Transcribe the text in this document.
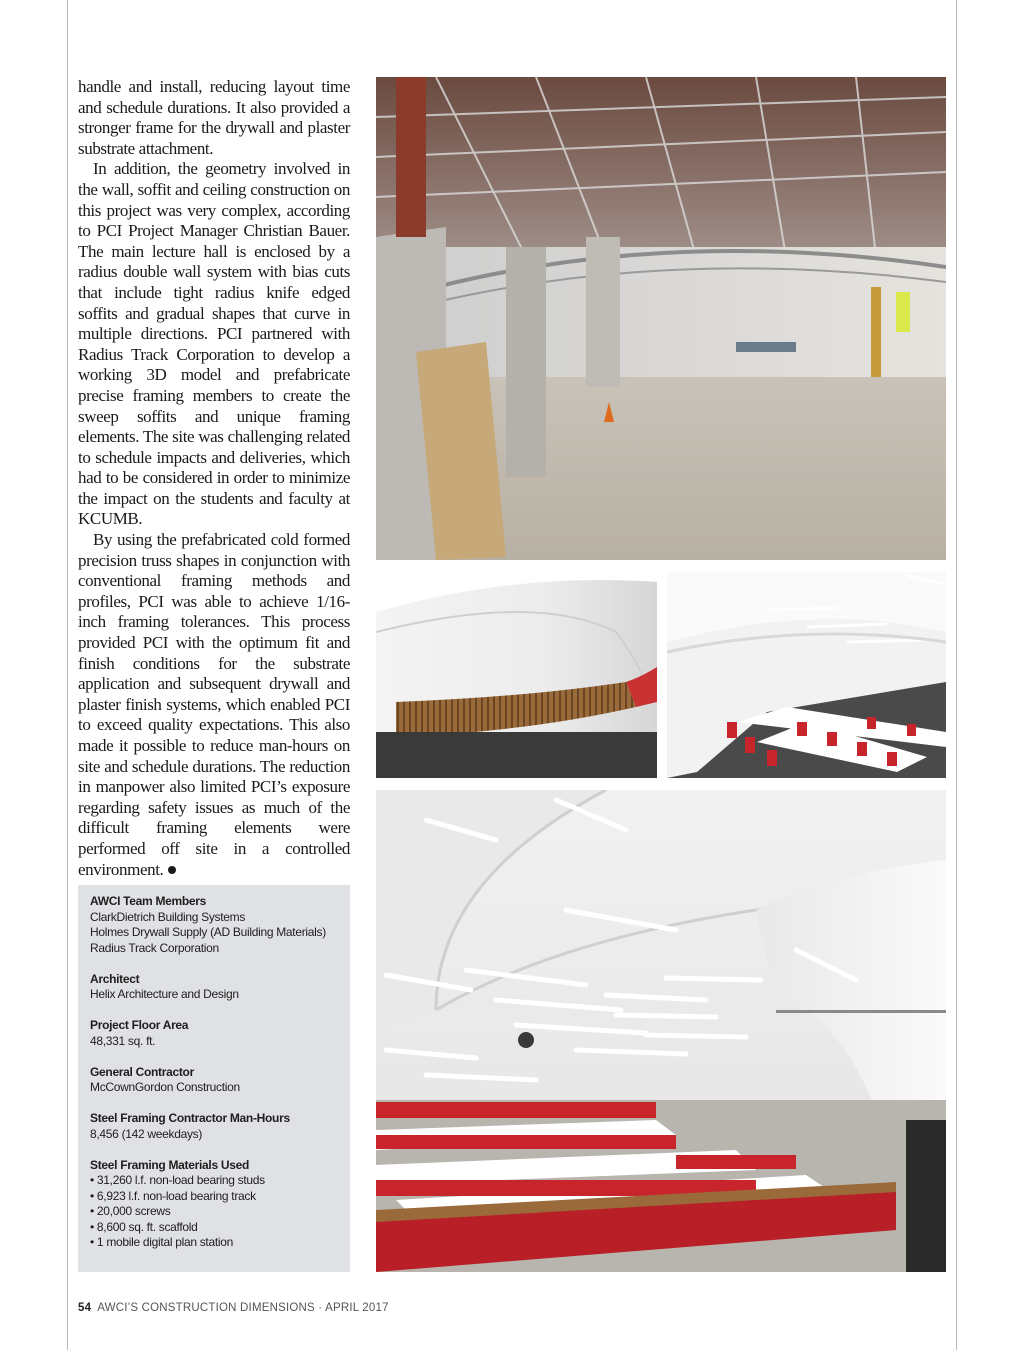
handle and install, reducing layout time and schedule durations. It also provided a stronger frame for the drywall and plaster substrate attachment.

In addition, the geometry involved in the wall, soffit and ceiling construction on this project was very complex, according to PCI Project Manager Christian Bauer. The main lecture hall is enclosed by a radius double wall system with bias cuts that include tight radius knife edged soffits and gradual shapes that curve in multiple directions. PCI partnered with Radius Track Corporation to develop a working 3D model and prefabricate precise framing members to create the sweep soffits and unique framing elements. The site was challenging related to schedule impacts and deliveries, which had to be considered in order to minimize the impact on the students and faculty at KCUMB.

By using the prefabricated cold formed precision truss shapes in conjunction with conventional framing methods and profiles, PCI was able to achieve 1/16-inch framing tolerances. This process provided PCI with the optimum fit and finish conditions for the substrate application and subsequent drywall and plaster finish systems, which enabled PCI to exceed quality expectations. This also made it possible to reduce man-hours on site and schedule durations. The reduction in manpower also limited PCI’s exposure regarding safety issues as much of the difficult framing elements were performed off site in a controlled environment.

AWCI Team Members
ClarkDietrich Building Systems
Holmes Drywall Supply (AD Building Materials)
Radius Track Corporation
Architect
Helix Architecture and Design
Project Floor Area
48,331 sq. ft.
General Contractor
McCownGordon Construction
Steel Framing Contractor Man-Hours
8,456 (142 weekdays)
Steel Framing Materials Used
• 31,260 l.f. non-load bearing studs
• 6,923 l.f. non-load bearing track
• 20,000 screws
• 8,600 sq. ft. scaffold
• 1 mobile digital plan station
54 AWCI’S CONSTRUCTION DIMENSIONS · APRIL 2017
